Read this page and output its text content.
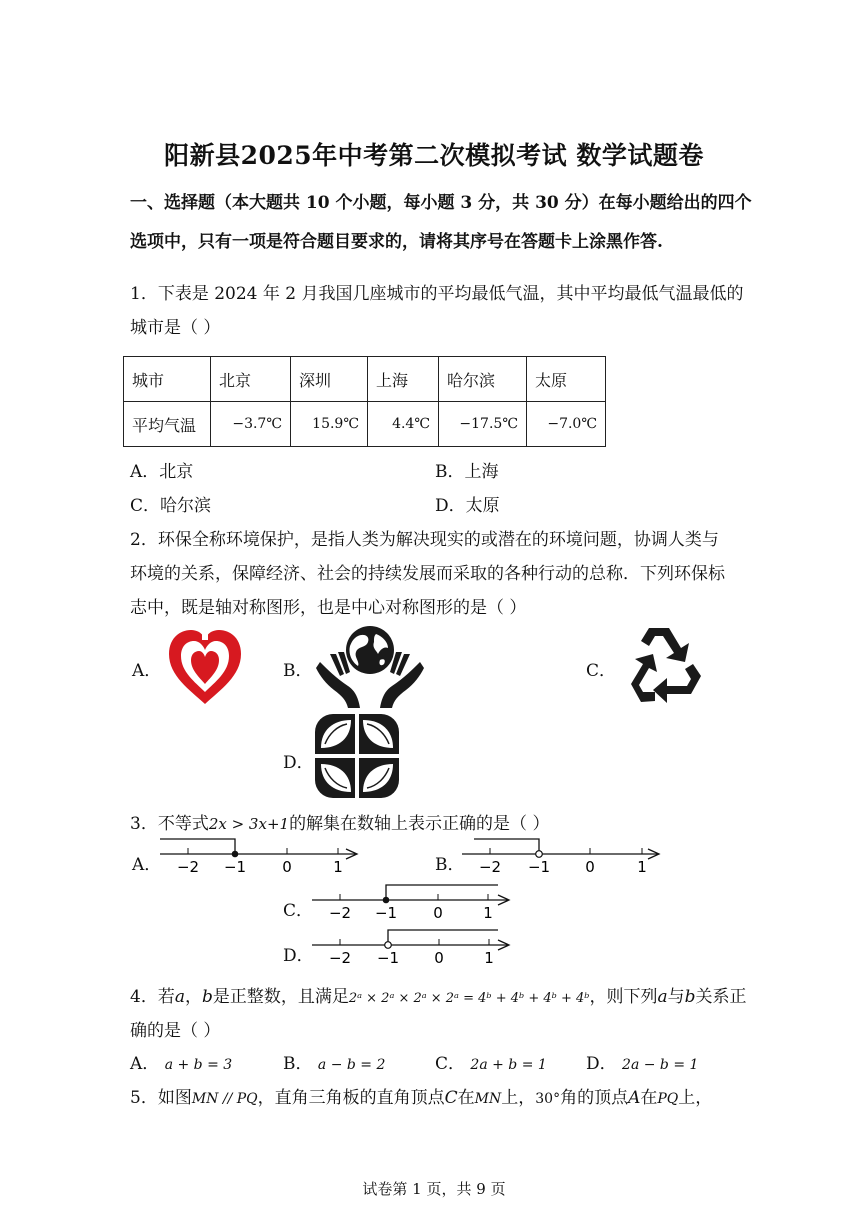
阳新县2025年中考第二次模拟考试 数学试题卷
一、选择题（本大题共 10 个小题，每小题 3 分，共 30 分）在每小题给出的四个
选项中，只有一项是符合题目要求的，请将其序号在答题卡上涂黑作答.
1．下表是 2024 年 2 月我国几座城市的平均最低气温，其中平均最低气温最低的
城市是（ ）
城市	北京	深圳	上海	哈尔滨	太原
平均气温	−3.7℃	15.9℃	4.4℃	−17.5℃	−7.0℃
A．北京	B．上海
C．哈尔滨	D．太原
2．环保全称环境保护，是指人类为解决现实的或潜在的环境问题，协调人类与
环境的关系，保障经济、社会的持续发展而采取的各种行动的总称．下列环保标
志中，既是轴对称图形，也是中心对称图形的是（ ）
A．	B．	C．
D．
3．不等式2x > 3x+1的解集在数轴上表示正确的是（ ）
A． −2 −1 0	1	B． −2 −1 0	1
C． −2 −1 0	1
D． −2 −1 0	1
4．若a，b是正整数，且满足2ᵃ × 2ᵃ × 2ᵃ × 2ᵃ = 4ᵇ + 4ᵇ + 4ᵇ + 4ᵇ，则下列a与b关系正
确的是（ ）
A． a + b = 3	B． a − b = 2	C． 2a + b = 1 D． 2a − b = 1
5．如图MN // PQ，直角三角板的直角顶点C在MN上，30°角的顶点A在PQ上，
试卷第 1 页，共 9 页
